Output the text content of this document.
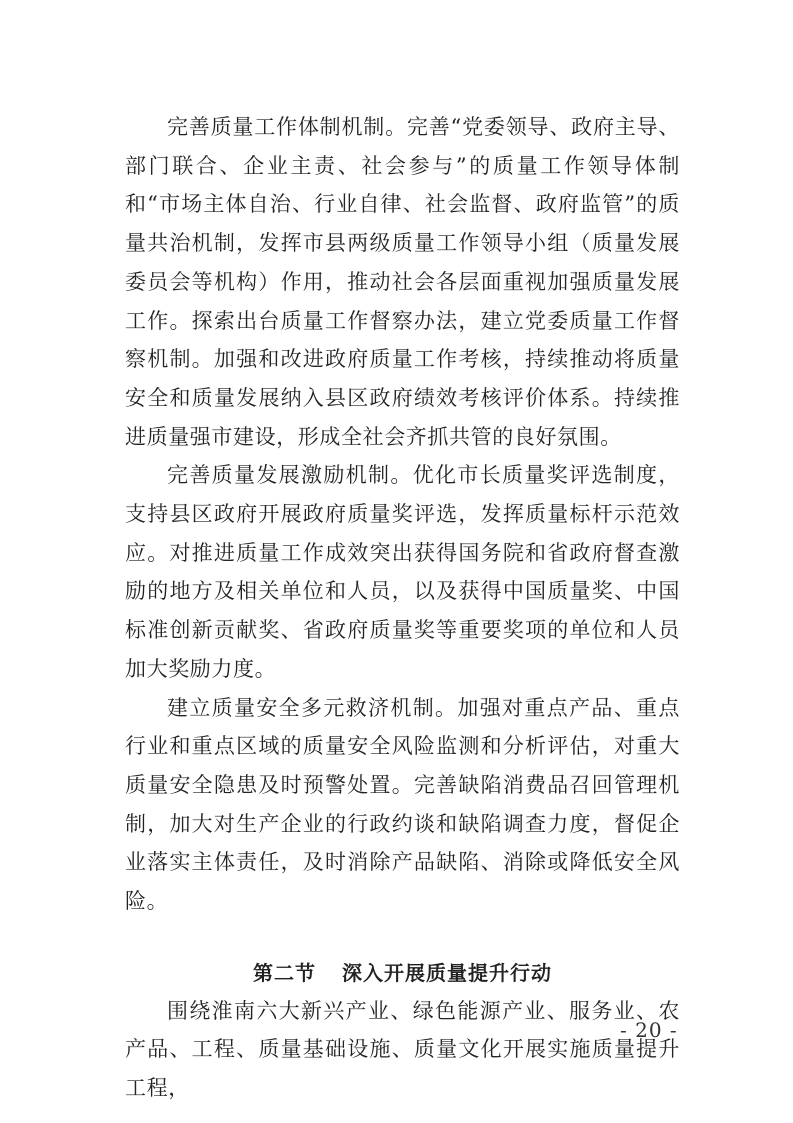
完善质量工作体制机制。完善“党委领导、政府主导、部门联合、企业主责、社会参与”的质量工作领导体制和“市场主体自治、行业自律、社会监督、政府监管”的质量共治机制，发挥市县两级质量工作领导小组（质量发展委员会等机构）作用，推动社会各层面重视加强质量发展工作。探索出台质量工作督察办法，建立党委质量工作督察机制。加强和改进政府质量工作考核，持续推动将质量安全和质量发展纳入县区政府绩效考核评价体系。持续推进质量强市建设，形成全社会齐抓共管的良好氛围。

完善质量发展激励机制。优化市长质量奖评选制度，支持县区政府开展政府质量奖评选，发挥质量标杆示范效应。对推进质量工作成效突出获得国务院和省政府督查激励的地方及相关单位和人员，以及获得中国质量奖、中国标准创新贡献奖、省政府质量奖等重要奖项的单位和人员加大奖励力度。

建立质量安全多元救济机制。加强对重点产品、重点行业和重点区域的质量安全风险监测和分析评估，对重大质量安全隐患及时预警处置。完善缺陷消费品召回管理机制，加大对生产企业的行政约谈和缺陷调查力度，督促企业落实主体责任，及时消除产品缺陷、消除或降低安全风险。

第二节 深入开展质量提升行动

围绕淮南六大新兴产业、绿色能源产业、服务业、农产品、工程、质量基础设施、质量文化开展实施质量提升工程，

- 20 -
